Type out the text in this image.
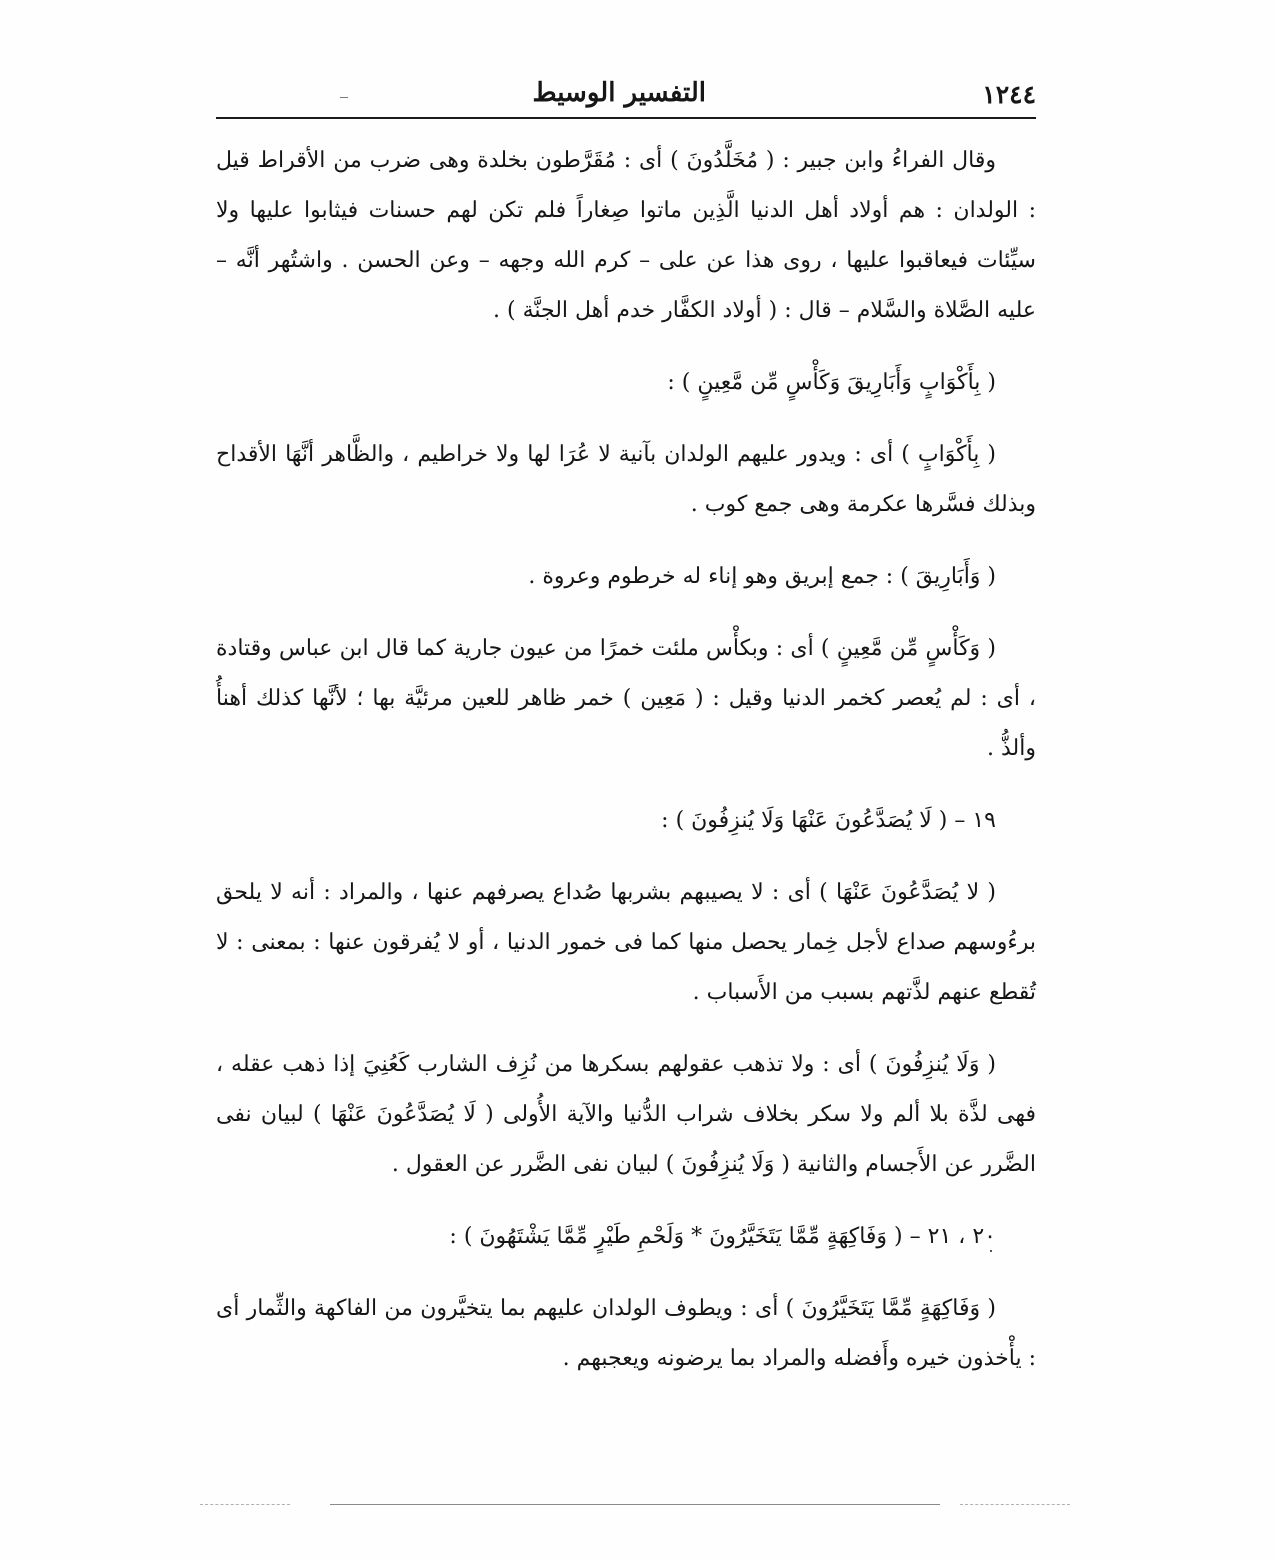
١٢٤٤
التفسير الوسيط

وقال الفراءُ وابن جبير : ( مُخَلَّدُونَ ) أى : مُقَرَّطون بخلدة وهى ضرب من الأقراط قيل : الولدان : هم أولاد أهل الدنيا الَّذِين ماتوا صِغاراً فلم تكن لهم حسنات فيثابوا عليها ولا سيِّئات فيعاقبوا عليها ، روى هذا عن على – كرم الله وجهه – وعن الحسن . واشتُهر أنَّه – عليه الصَّلاة والسَّلام – قال : ( أولاد الكفَّار خدم أهل الجنَّة ) .

( بِأَكْوَابٍ وَأَبَارِيقَ وَكَأْسٍ مِّن مَّعِينٍ ) :

( بِأَكْوَابٍ ) أى : ويدور عليهم الولدان بآنية لا عُرَا لها ولا خراطيم ، والظَّاهر أنَّهَا الأقداح وبذلك فسَّرها عكرمة وهى جمع كوب .

( وَأَبَارِيقَ ) : جمع إبريق وهو إناء له خرطوم وعروة .

( وَكَأْسٍ مِّن مَّعِينٍ ) أى : وبكأْس ملئت خمرًا من عيون جارية كما قال ابن عباس وقتادة ، أى : لم يُعصر كخمر الدنيا وقيل : ( مَعِين ) خمر ظاهر للعين مرئيَّة بها ؛ لأنَّها كذلك أهنأُ وألذُّ .

١٩ – ( لَا يُصَدَّعُونَ عَنْهَا وَلَا يُنزِفُونَ ) :

( لا يُصَدَّعُونَ عَنْهَا ) أى : لا يصيبهم بشربها صُداع يصرفهم عنها ، والمراد : أنه لا يلحق برءُوسهم صداع لأجل خِمار يحصل منها كما فى خمور الدنيا ، أو لا يُفرقون عنها : بمعنى : لا تُقطع عنهم لذَّتهم بسبب من الأَسباب .

( وَلَا يُنزِفُونَ ) أى : ولا تذهب عقولهم بسكرها من نُزِف الشارب كَعُنِيَ إذا ذهب عقله ، فهى لذَّة بلا ألم ولا سكر بخلاف شراب الدُّنيا والآية الأُولى ( لَا يُصَدَّعُونَ عَنْهَا ) لبيان نفى الضَّرر عن الأَجسام والثانية ( وَلَا يُنزِفُونَ ) لبيان نفى الضَّرر عن العقول .

٢٠ ، ٢١ – ( وَفَاكِهَةٍ مِّمَّا يَتَخَيَّرُونَ * وَلَحْمِ طَيْرٍ مِّمَّا يَشْتَهُونَ ) :

( وَفَاكِهَةٍ مِّمَّا يَتَخَيَّرُونَ ) أى : ويطوف الولدان عليهم بما يتخيَّرون من الفاكهة والثِّمار أى : يأْخذون خيره وأَفضله والمراد بما يرضونه ويعجبهم .
